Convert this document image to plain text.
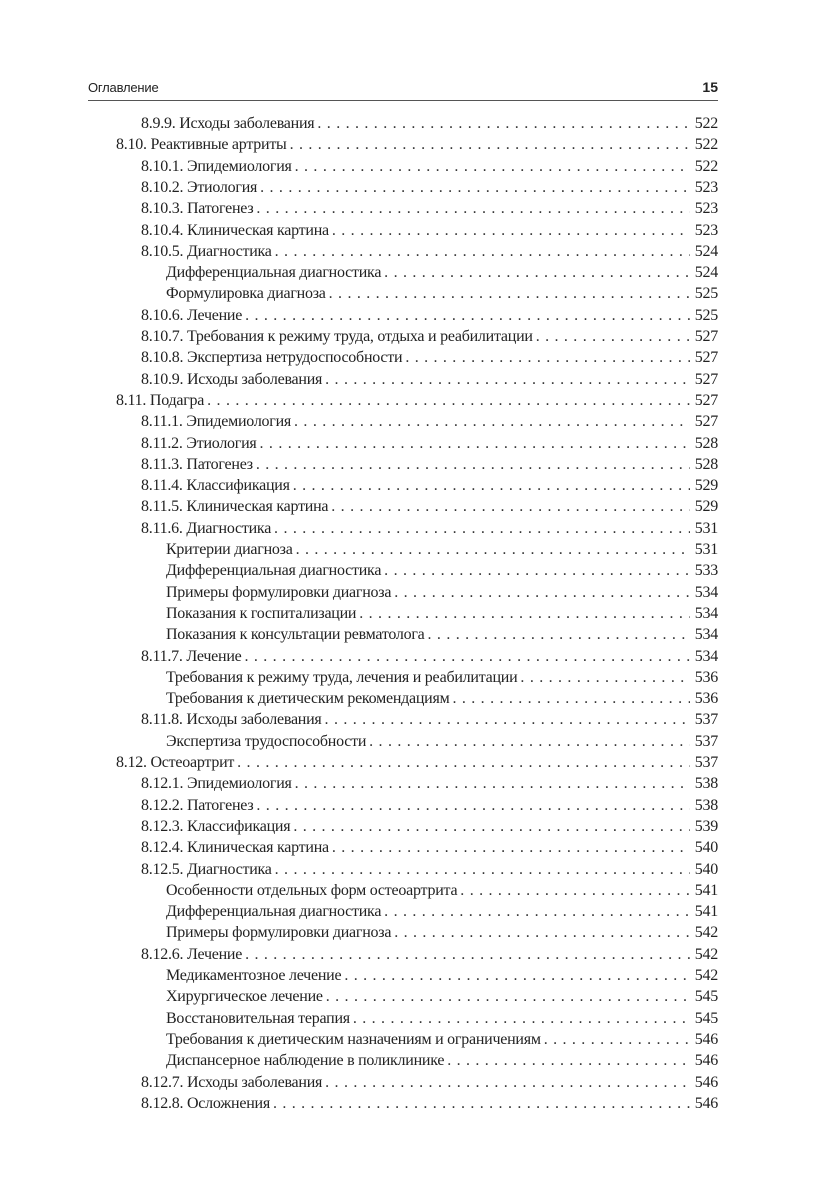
Оглавление	15
8.9.9. Исходы заболевания . . .	522
8.10. Реактивные артриты . . .	522
8.10.1. Эпидемиология . . .	522
8.10.2. Этиология . . .	523
8.10.3. Патогенез . . .	523
8.10.4. Клиническая картина . . .	523
8.10.5. Диагностика . . .	524
Дифференциальная диагностика . . .	524
Формулировка диагноза . . .	525
8.10.6. Лечение . . .	525
8.10.7. Требования к режиму труда, отдыха и реабилитации . . .	527
8.10.8. Экспертиза нетрудоспособности . . .	527
8.10.9. Исходы заболевания . . .	527
8.11. Подагра . . .	527
8.11.1. Эпидемиология . . .	527
8.11.2. Этиология . . .	528
8.11.3. Патогенез . . .	528
8.11.4. Классификация . . .	529
8.11.5. Клиническая картина . . .	529
8.11.6. Диагностика . . .	531
Критерии диагноза . . .	531
Дифференциальная диагностика . . .	533
Примеры формулировки диагноза . . .	534
Показания к госпитализации . . .	534
Показания к консультации ревматолога . . .	534
8.11.7. Лечение . . .	534
Требования к режиму труда, лечения и реабилитации . . .	536
Требования к диетическим рекомендациям . . .	536
8.11.8. Исходы заболевания . . .	537
Экспертиза трудоспособности . . .	537
8.12. Остеоартрит . . .	537
8.12.1. Эпидемиология . . .	538
8.12.2. Патогенез . . .	538
8.12.3. Классификация . . .	539
8.12.4. Клиническая картина . . .	540
8.12.5. Диагностика . . .	540
Особенности отдельных форм остеоартрита . . .	541
Дифференциальная диагностика . . .	541
Примеры формулировки диагноза . . .	542
8.12.6. Лечение . . .	542
Медикаментозное лечение . . .	542
Хирургическое лечение . . .	545
Восстановительная терапия . . .	545
Требования к диетическим назначениям и ограничениям . . .	546
Диспансерное наблюдение в поликлинике . . .	546
8.12.7. Исходы заболевания . . .	546
8.12.8. Осложнения . . .	546
